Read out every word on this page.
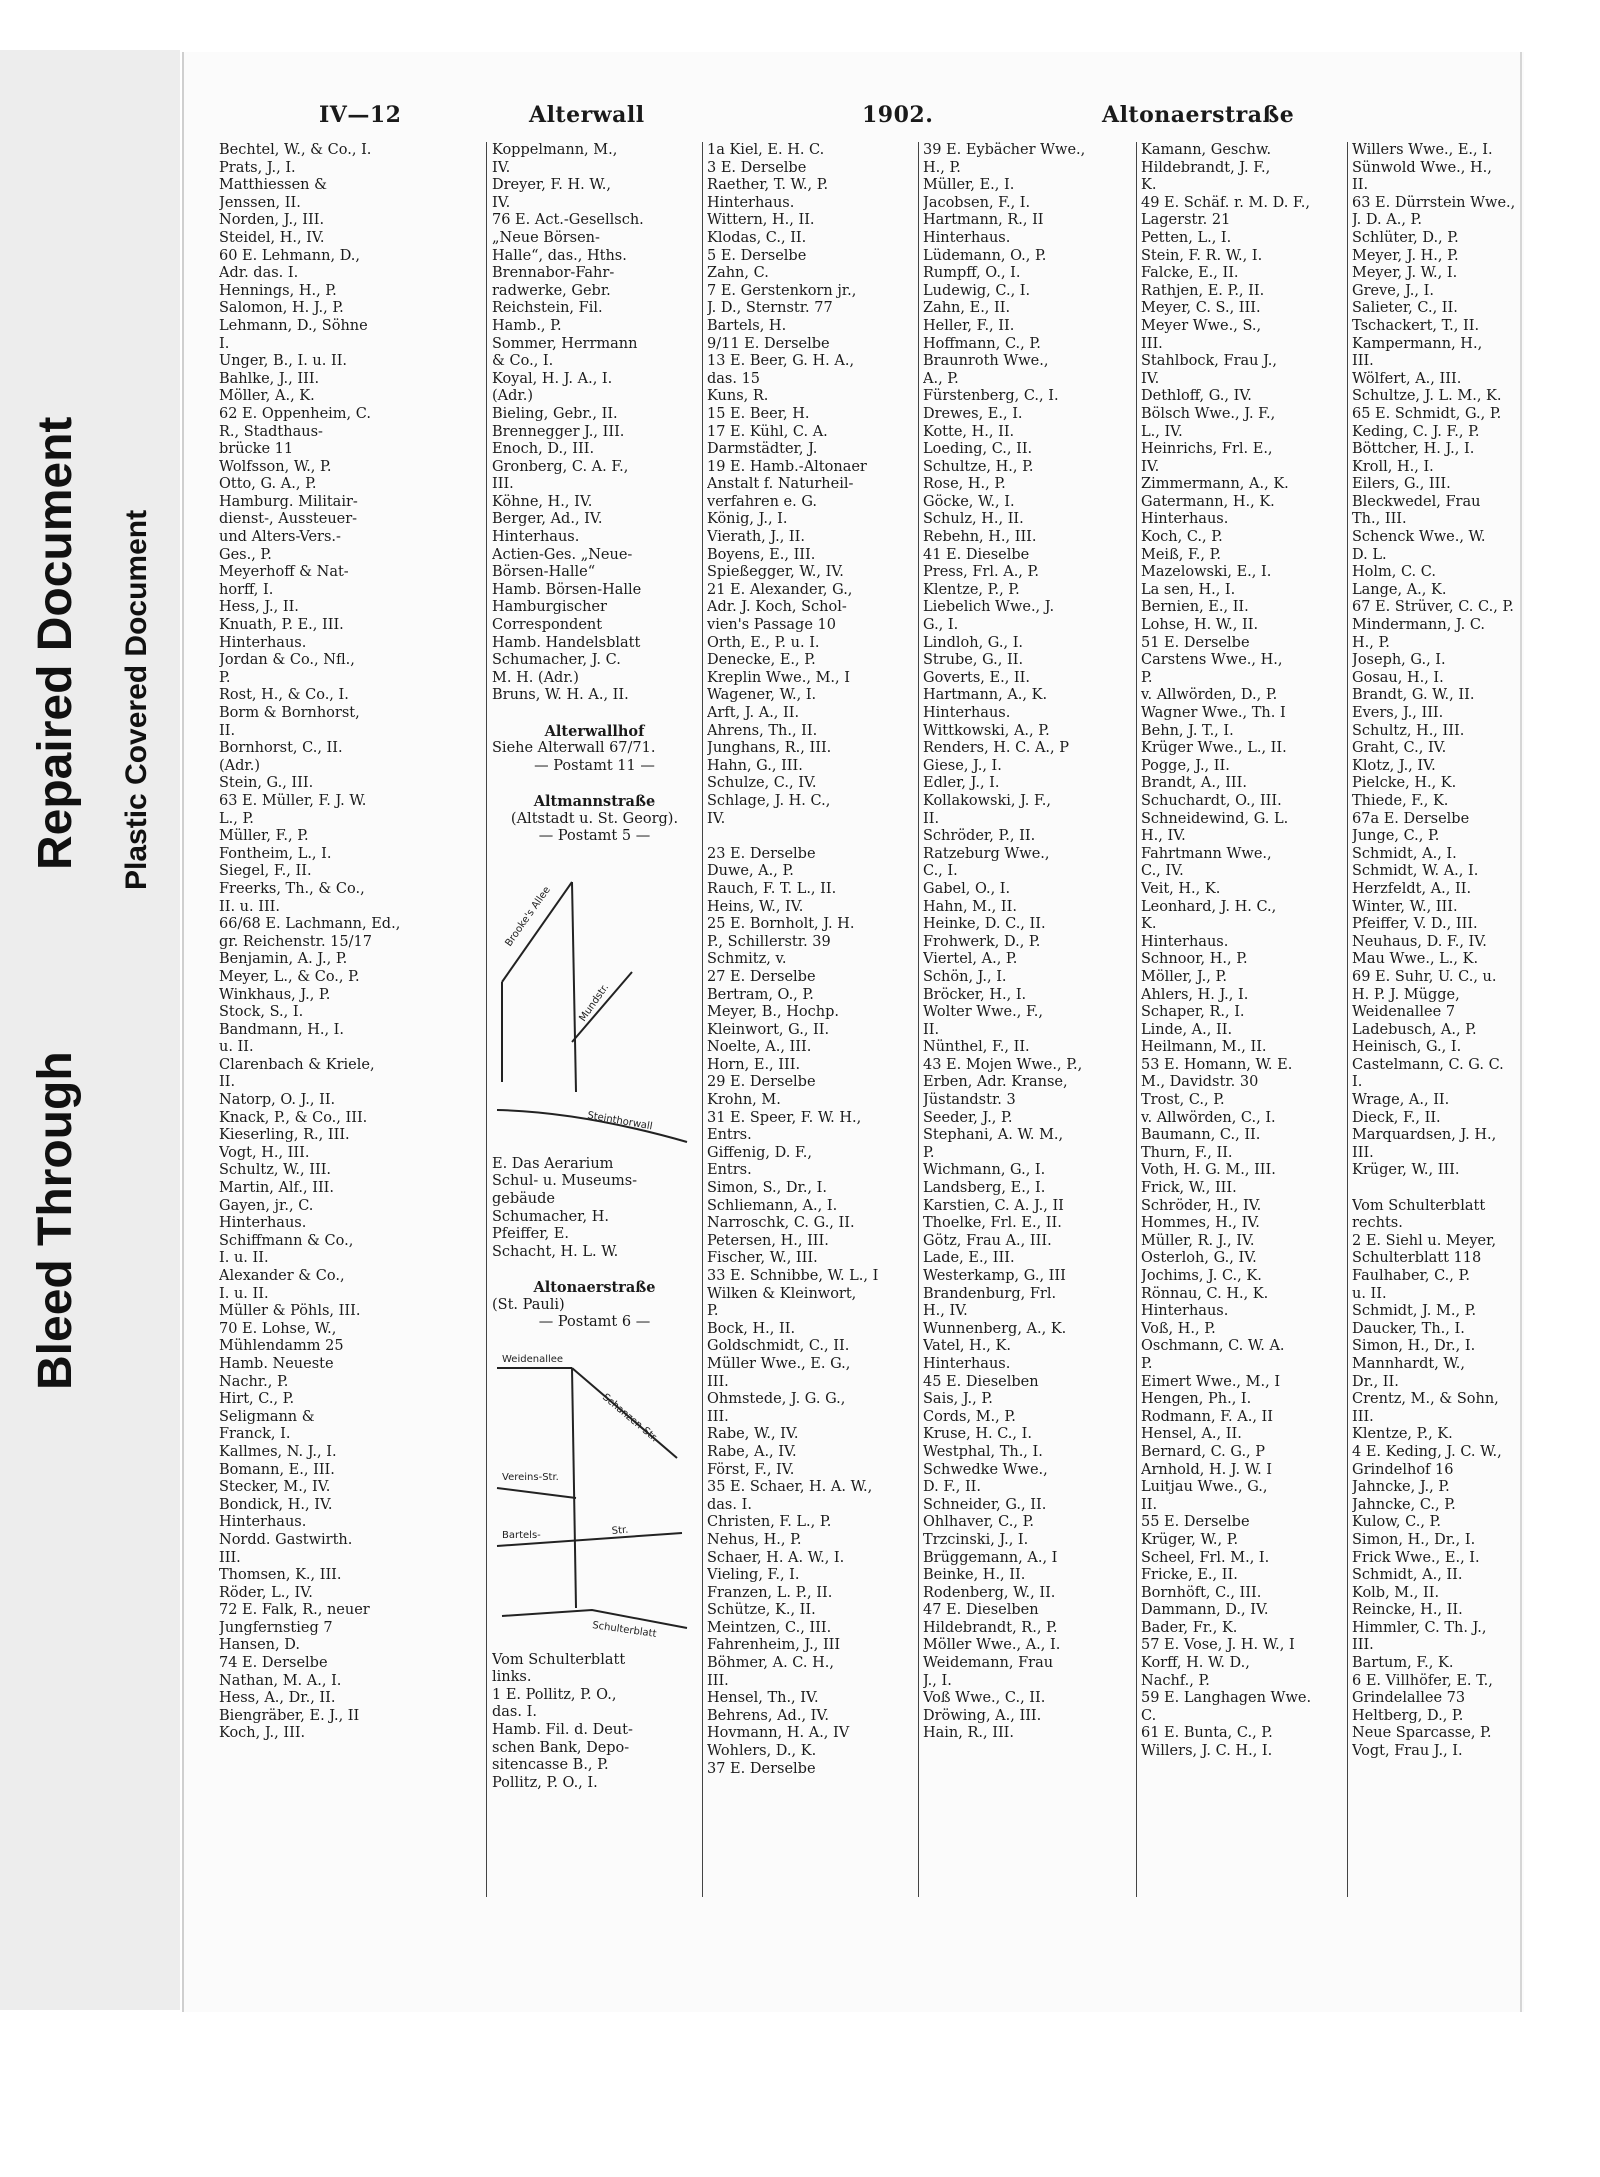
Bleed Through
Repaired Document Plastic Covered Document
IV—12	Alterwall	1902.	Altonaerstraße
Bechtel, W., & Co., I.
Prats, J., I.
Matthiessen &
Jenssen, II.
Norden, J., III.
Steidel, H., IV.
60 E. Lehmann, D.,
Adr. das. I.
Hennings, H., P.
Salomon, H. J., P.
Lehmann, D., Söhne
I.
Unger, B., I. u. II.
Bahlke, J., III.
Möller, A., K.
62 E. Oppenheim, C.
R., Stadthaus-
brücke 11
Wolfsson, W., P.
Otto, G. A., P.
Hamburg. Militair-
dienst-, Aussteuer-
und Alters-Vers.-
Ges., P.
Meyerhoff & Nat-
horff, I.
Hess, J., II.
Knuath, P. E., III.
Hinterhaus.
Jordan & Co., Nfl.,
P.
Rost, H., & Co., I.
Borm & Bornhorst,
II.
Bornhorst, C., II.
(Adr.)
Stein, G., III.
63 E. Müller, F. J. W.
L., P.
Müller, F., P.
Fontheim, L., I.
Siegel, F., II.
Freerks, Th., & Co.,
II. u. III.
66/68 E. Lachmann, Ed.,
gr. Reichenstr. 15/17
Benjamin, A. J., P.
Meyer, L., & Co., P.
Winkhaus, J., P.
Stock, S., I.
Bandmann, H., I.
u. II.
Clarenbach & Kriele,
II.
Natorp, O. J., II.
Knack, P., & Co., III.
Kieserling, R., III.
Vogt, H., III.
Schultz, W., III.
Martin, Alf., III.
Gayen, jr., C.
Hinterhaus.
Schiffmann & Co.,
I. u. II.
Alexander & Co.,
I. u. II.
Müller & Pöhls, III.
70 E. Lohse, W.,
Mühlendamm 25
Hamb. Neueste
Nachr., P.
Hirt, C., P.
Seligmann &
Franck, I.
Kallmes, N. J., I.
Bomann, E., III.
Stecker, M., IV.
Bondick, H., IV.
Hinterhaus.
Nordd. Gastwirth.
III.
Thomsen, K., III.
Röder, L., IV.
72 E. Falk, R., neuer
Jungfernstieg 7
Hansen, D.
74 E. Derselbe
Nathan, M. A., I.
Hess, A., Dr., II.
Biengräber, E. J., II
Koch, J., III.
Koppelmann, M.,
IV.
Dreyer, F. H. W.,
IV.
76 E. Act.-Gesellsch.
„Neue Börsen-
Halle“, das., Hths.
Brennabor-Fahr-
radwerke, Gebr.
Reichstein, Fil.
Hamb., P.
Sommer, Herrmann
& Co., I.
Koyal, H. J. A., I.
(Adr.)
Bieling, Gebr., II.
Brennegger J., III.
Enoch, D., III.
Gronberg, C. A. F.,
III.
Köhne, H., IV.
Berger, Ad., IV.
Hinterhaus.
Actien-Ges. „Neue-
Börsen-Halle“
Hamb. Börsen-Halle
Hamburgischer
Correspondent
Hamb. Handelsblatt
Schumacher, J. C.
M. H. (Adr.)
Bruns, W. H. A., II.

Alterwallhof
Siehe Alterwall 67/71.
— Postamt 11 —

Altmannstraße
(Altstadt u. St. Georg).
— Postamt 5 —
Brooke's Allee
Mundstr.
Steinthorwall
E. Das Aerarium
Schul- u. Museums-
gebäude
Schumacher, H.
Pfeiffer, E.
Schacht, H. L. W.

Altonaerstraße
(St. Pauli)
— Postamt 6 —
Weidenallee
Schanzen-Str.
Vereins-Str.
Bartels-	Str.
Schulterblatt
Vom Schulterblatt
links.
1 E. Pollitz, P. O.,
das. I.
Hamb. Fil. d. Deut-
schen Bank, Depo-
sitencasse B., P.
Pollitz, P. O., I.
1a Kiel, E. H. C.
3 E. Derselbe
Raether, T. W., P.
Hinterhaus.
Wittern, H., II.
Klodas, C., II.
5 E. Derselbe
Zahn, C.
7 E. Gerstenkorn jr.,
J. D., Sternstr. 77
Bartels, H.
9/11 E. Derselbe
13 E. Beer, G. H. A.,
das. 15
Kuns, R.
15 E. Beer, H.
17 E. Kühl, C. A.
Darmstädter, J.
19 E. Hamb.-Altonaer
Anstalt f. Naturheil-
verfahren e. G.
König, J., I.
Vierath, J., II.
Boyens, E., III.
Spießegger, W., IV.
21 E. Alexander, G.,
Adr. J. Koch, Schol-
vien's Passage 10
Orth, E., P. u. I.
Denecke, E., P.
Kreplin Wwe., M., I
Wagener, W., I.
Arft, J. A., II.
Ahrens, Th., II.
Junghans, R., III.
Hahn, G., III.
Schulze, C., IV.
Schlage, J. H. C.,
IV.

23 E. Derselbe
Duwe, A., P.
Rauch, F. T. L., II.
Heins, W., IV.
25 E. Bornholt, J. H.
P., Schillerstr. 39
Schmitz, v.
27 E. Derselbe
Bertram, O., P.
Meyer, B., Hochp.
Kleinwort, G., II.
Noelte, A., III.
Horn, E., III.
29 E. Derselbe
Krohn, M.
31 E. Speer, F. W. H.,
Entrs.
Giffenig, D. F.,
Entrs.
Simon, S., Dr., I.
Schliemann, A., I.
Narroschk, C. G., II.
Petersen, H., III.
Fischer, W., III.
33 E. Schnibbe, W. L., I
Wilken & Kleinwort,
P.
Bock, H., II.
Goldschmidt, C., II.
Müller Wwe., E. G.,
III.
Ohmstede, J. G. G.,
III.
Rabe, W., IV.
Rabe, A., IV.
Först, F., IV.
35 E. Schaer, H. A. W.,
das. I.
Christen, F. L., P.
Nehus, H., P.
Schaer, H. A. W., I.
Vieling, F., I.
Franzen, L. P., II.
Schütze, K., II.
Meintzen, C., III.
Fahrenheim, J., III
Böhmer, A. C. H.,
III.
Hensel, Th., IV.
Behrens, Ad., IV.
Hovmann, H. A., IV
Wohlers, D., K.
37 E. Derselbe
39 E. Eybächer Wwe.,
H., P.
Müller, E., I.
Jacobsen, F., I.
Hartmann, R., II
Hinterhaus.
Lüdemann, O., P.
Rumpff, O., I.
Ludewig, C., I.
Zahn, E., II.
Heller, F., II.
Hoffmann, C., P.
Braunroth Wwe.,
A., P.
Fürstenberg, C., I.
Drewes, E., I.
Kotte, H., II.
Loeding, C., II.
Schultze, H., P.
Rose, H., P.
Göcke, W., I.
Schulz, H., II.
Rebehn, H., III.
41 E. Dieselbe
Press, Frl. A., P.
Klentze, P., P.
Liebelich Wwe., J.
G., I.
Lindloh, G., I.
Strube, G., II.
Goverts, E., II.
Hartmann, A., K.
Hinterhaus.
Wittkowski, A., P.
Renders, H. C. A., P
Giese, J., I.
Edler, J., I.
Kollakowski, J. F.,
II.
Schröder, P., II.
Ratzeburg Wwe.,
C., I.
Gabel, O., I.
Hahn, M., II.
Heinke, D. C., II.
Frohwerk, D., P.
Viertel, A., P.
Schön, J., I.
Bröcker, H., I.
Wolter Wwe., F.,
II.
Nünthel, F., II.
43 E. Mojen Wwe., P.,
Erben, Adr. Kranse,
Jüstandstr. 3
Seeder, J., P.
Stephani, A. W. M.,
P.
Wichmann, G., I.
Landsberg, E., I.
Karstien, C. A. J., II
Thoelke, Frl. E., II.
Götz, Frau A., III.
Lade, E., III.
Westerkamp, G., III
Brandenburg, Frl.
H., IV.
Wunnenberg, A., K.
Vatel, H., K.
Hinterhaus.
45 E. Dieselben
Sais, J., P.
Cords, M., P.
Kruse, H. C., I.
Westphal, Th., I.
Schwedke Wwe.,
D. F., II.
Schneider, G., II.
Ohlhaver, C., P.
Trzcinski, J., I.
Brüggemann, A., I
Beinke, H., II.
Rodenberg, W., II.
47 E. Dieselben
Hildebrandt, R., P.
Möller Wwe., A., I.
Weidemann, Frau
J., I.
Voß Wwe., C., II.
Dröwing, A., III.
Hain, R., III.
Kamann, Geschw.
Hildebrandt, J. F.,
K.
49 E. Schäf. r. M. D. F.,
Lagerstr. 21
Petten, L., I.
Stein, F. R. W., I.
Falcke, E., II.
Rathjen, E. P., II.
Meyer, C. S., III.
Meyer Wwe., S.,
III.
Stahlbock, Frau J.,
IV.
Dethloff, G., IV.
Bölsch Wwe., J. F.,
L., IV.
Heinrichs, Frl. E.,
IV.
Zimmermann, A., K.
Gatermann, H., K.
Hinterhaus.
Koch, C., P.
Meiß, F., P.
Mazelowski, E., I.
La sen, H., I.
Bernien, E., II.
Lohse, H. W., II.
51 E. Derselbe
Carstens Wwe., H.,
P.
v. Allwörden, D., P.
Wagner Wwe., Th. I
Behn, J. T., I.
Krüger Wwe., L., II.
Pogge, J., II.
Brandt, A., III.
Schuchardt, O., III.
Schneidewind, G. L.
H., IV.
Fahrtmann Wwe.,
C., IV.
Veit, H., K.
Leonhard, J. H. C.,
K.
Hinterhaus.
Schnoor, H., P.
Möller, J., P.
Ahlers, H. J., I.
Schaper, R., I.
Linde, A., II.
Heilmann, M., II.
53 E. Homann, W. E.
M., Davidstr. 30
Trost, C., P.
v. Allwörden, C., I.
Baumann, C., II.
Thurn, F., II.
Voth, H. G. M., III.
Frick, W., III.
Schröder, H., IV.
Hommes, H., IV.
Müller, R. J., IV.
Osterloh, G., IV.
Jochims, J. C., K.
Rönnau, C. H., K.
Hinterhaus.
Voß, H., P.
Oschmann, C. W. A.
P.
Eimert Wwe., M., I
Hengen, Ph., I.
Rodmann, F. A., II
Hensel, A., II.
Bernard, C. G., P
Arnhold, H. J. W. I
Luitjau Wwe., G.,
II.
55 E. Derselbe
Krüger, W., P.
Scheel, Frl. M., I.
Fricke, E., II.
Bornhöft, C., III.
Dammann, D., IV.
Bader, Fr., K.
57 E. Vose, J. H. W., I
Korff, H. W. D.,
Nachf., P.
59 E. Langhagen Wwe.
C.
61 E. Bunta, C., P.
Willers, J. C. H., I.
Willers Wwe., E., I.
Sünwold Wwe., H.,
II.
63 E. Dürrstein Wwe.,
J. D. A., P.
Schlüter, D., P.
Meyer, J. H., P.
Meyer, J. W., I.
Greve, J., I.
Salieter, C., II.
Tschackert, T., II.
Kampermann, H.,
III.
Wölfert, A., III.
Schultze, J. L. M., K.
65 E. Schmidt, G., P.
Keding, C. J. F., P.
Böttcher, H. J., I.
Kroll, H., I.
Eilers, G., III.
Bleckwedel, Frau
Th., III.
Schenck Wwe., W.
D. L.
Holm, C. C.
Lange, A., K.
67 E. Strüver, C. C., P.
Mindermann, J. C.
H., P.
Joseph, G., I.
Gosau, H., I.
Brandt, G. W., II.
Evers, J., III.
Schultz, H., III.
Graht, C., IV.
Klotz, J., IV.
Pielcke, H., K.
Thiede, F., K.
67a E. Derselbe
Junge, C., P.
Schmidt, A., I.
Schmidt, W. A., I.
Herzfeldt, A., II.
Winter, W., III.
Pfeiffer, V. D., III.
Neuhaus, D. F., IV.
Mau Wwe., L., K.
69 E. Suhr, U. C., u.
H. P. J. Mügge,
Weidenallee 7
Ladebusch, A., P.
Heinisch, G., I.
Castelmann, C. G. C.
I.
Wrage, A., II.
Dieck, F., II.
Marquardsen, J. H.,
III.
Krüger, W., III.

Vom Schulterblatt
rechts.
2 E. Siehl u. Meyer,
Schulterblatt 118
Faulhaber, C., P.
u. II.
Schmidt, J. M., P.
Daucker, Th., I.
Simon, H., Dr., I.
Mannhardt, W.,
Dr., II.
Crentz, M., & Sohn,
III.
Klentze, P., K.
4 E. Keding, J. C. W.,
Grindelhof 16
Jahncke, J., P.
Jahncke, C., P.
Kulow, C., P.
Simon, H., Dr., I.
Frick Wwe., E., I.
Schmidt, A., II.
Kolb, M., II.
Reincke, H., II.
Himmler, C. Th. J.,
III.
Bartum, F., K.
6 E. Villhöfer, E. T.,
Grindelallee 73
Heltberg, D., P.
Neue Sparcasse, P.
Vogt, Frau J., I.
